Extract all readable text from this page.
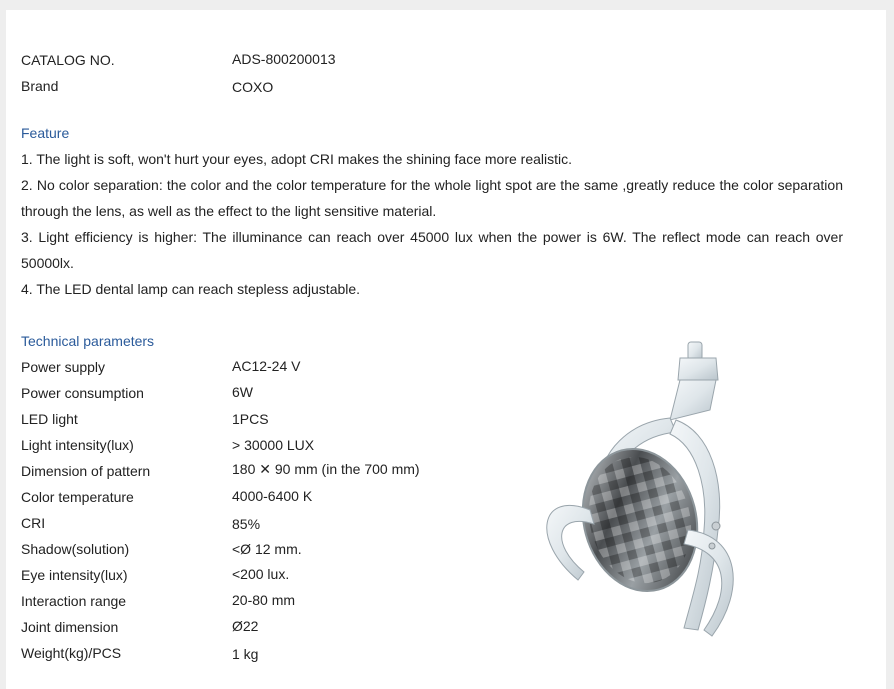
CATALOG NO.	ADS-800200013
Brand	COXO
Feature
1. The light is soft, won't hurt your eyes, adopt CRI makes the shining face more realistic.
2. No color separation: the color and the color temperature for the whole light spot are the same ,greatly reduce the color separation through the lens, as well as the effect to the light sensitive material.
3. Light efficiency is higher: The illuminance can reach over 45000 lux when the power is 6W. The reflect mode can reach over 50000lx.
4. The LED dental lamp can reach stepless adjustable.
Technical parameters
Power supply	AC12-24 V
Power consumption	6W
LED light	1PCS
Light intensity(lux)	> 30000 LUX
Dimension of pattern	180 ✕ 90 mm (in the 700 mm)
Color temperature	4000-6400 K
CRI	85%
Shadow(solution)	<Ø 12 mm.
Eye intensity(lux)	<200 lux.
Interaction range	20-80 mm
Joint dimension	Ø22
Weight(kg)/PCS	1 kg
